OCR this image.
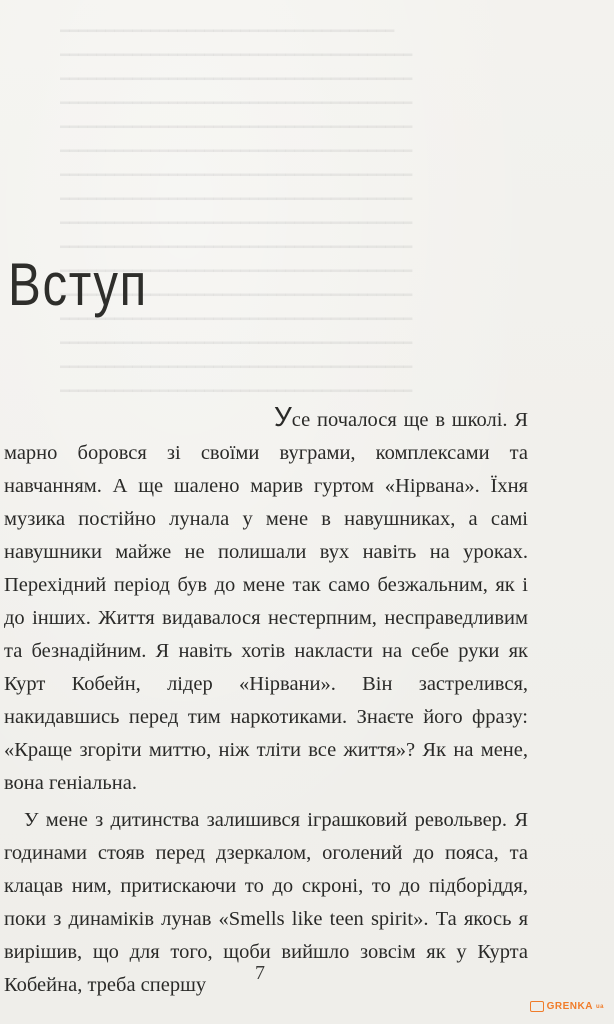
━━━━━━━━━━━━━━━━━━━━━━━━━━━━━━━━━━━━━
━━━━━━━━━━━━━━━━━━━━━━━━━━━━━━━━━━━━━━━
━━━━━━━━━━━━━━━━━━━━━━━━━━━━━━━━━━━━━━━
━━━━━━━━━━━━━━━━━━━━━━━━━━━━━━━━━━━━━━━
━━━━━━━━━━━━━━━━━━━━━━━━━━━━━━━━━━━━━━━
━━━━━━━━━━━━━━━━━━━━━━━━━━━━━━━━━━━━━━━
━━━━━━━━━━━━━━━━━━━━━━━━━━━━━━━━━━━━━━━
━━━━━━━━━━━━━━━━━━━━━━━━━━━━━━━━━━━━━━━
━━━━━━━━━━━━━━━━━━━━━━━━━━━━━━━━━━━━━━━
━━━━━━━━━━━━━━━━━━━━━━━━━━━━━━━━━━━━━━━
━━━━━━━━━━━━━━━━━━━━━━━━━━━━━━━━━━━━━━━
━━━━━━━━━━━━━━━━━━━━━━━━━━━━━━━━━━━━━━━
━━━━━━━━━━━━━━━━━━━━━━━━━━━━━━━━━━━━━━━
━━━━━━━━━━━━━━━━━━━━━━━━━━━━━━━━━━━━━━━
━━━━━━━━━━━━━━━━━━━━━━━━━━━━━━━━━━━━━━━
━━━━━━━━━━━━━━━━━━━━━━━━━━━━━━━━━━━━━━━
Вступ

Усе почалося ще в школі. Я марно боровся зі своїми вуграми, комплексами та навчанням. А ще шалено марив гуртом «Нірвана». Їхня музика постійно лунала у мене в навушниках, а самі навушники майже не полишали вух навіть на уроках. Перехідний період був до мене так само безжальним, як і до інших. Життя видавалося нестерпним, несправедливим та безнадійним. Я навіть хотів накласти на себе руки як Курт Кобейн, лідер «Нірвани». Він застрелився, накидавшись перед тим наркотиками. Знаєте його фразу: «Краще згоріти миттю, ніж тліти все життя»? Як на мене, вона геніальна.

У мене з дитинства залишився іграшковий револьвер. Я годинами стояв перед дзеркалом, оголений до пояса, та клацав ним, притискаючи то до скроні, то до підборіддя, поки з динаміків лунав «Smells like teen spirit». Та якось я вирішив, що для того, щоби вийшло зовсім як у Курта Кобейна, треба спершу

7
GRENKA ua
